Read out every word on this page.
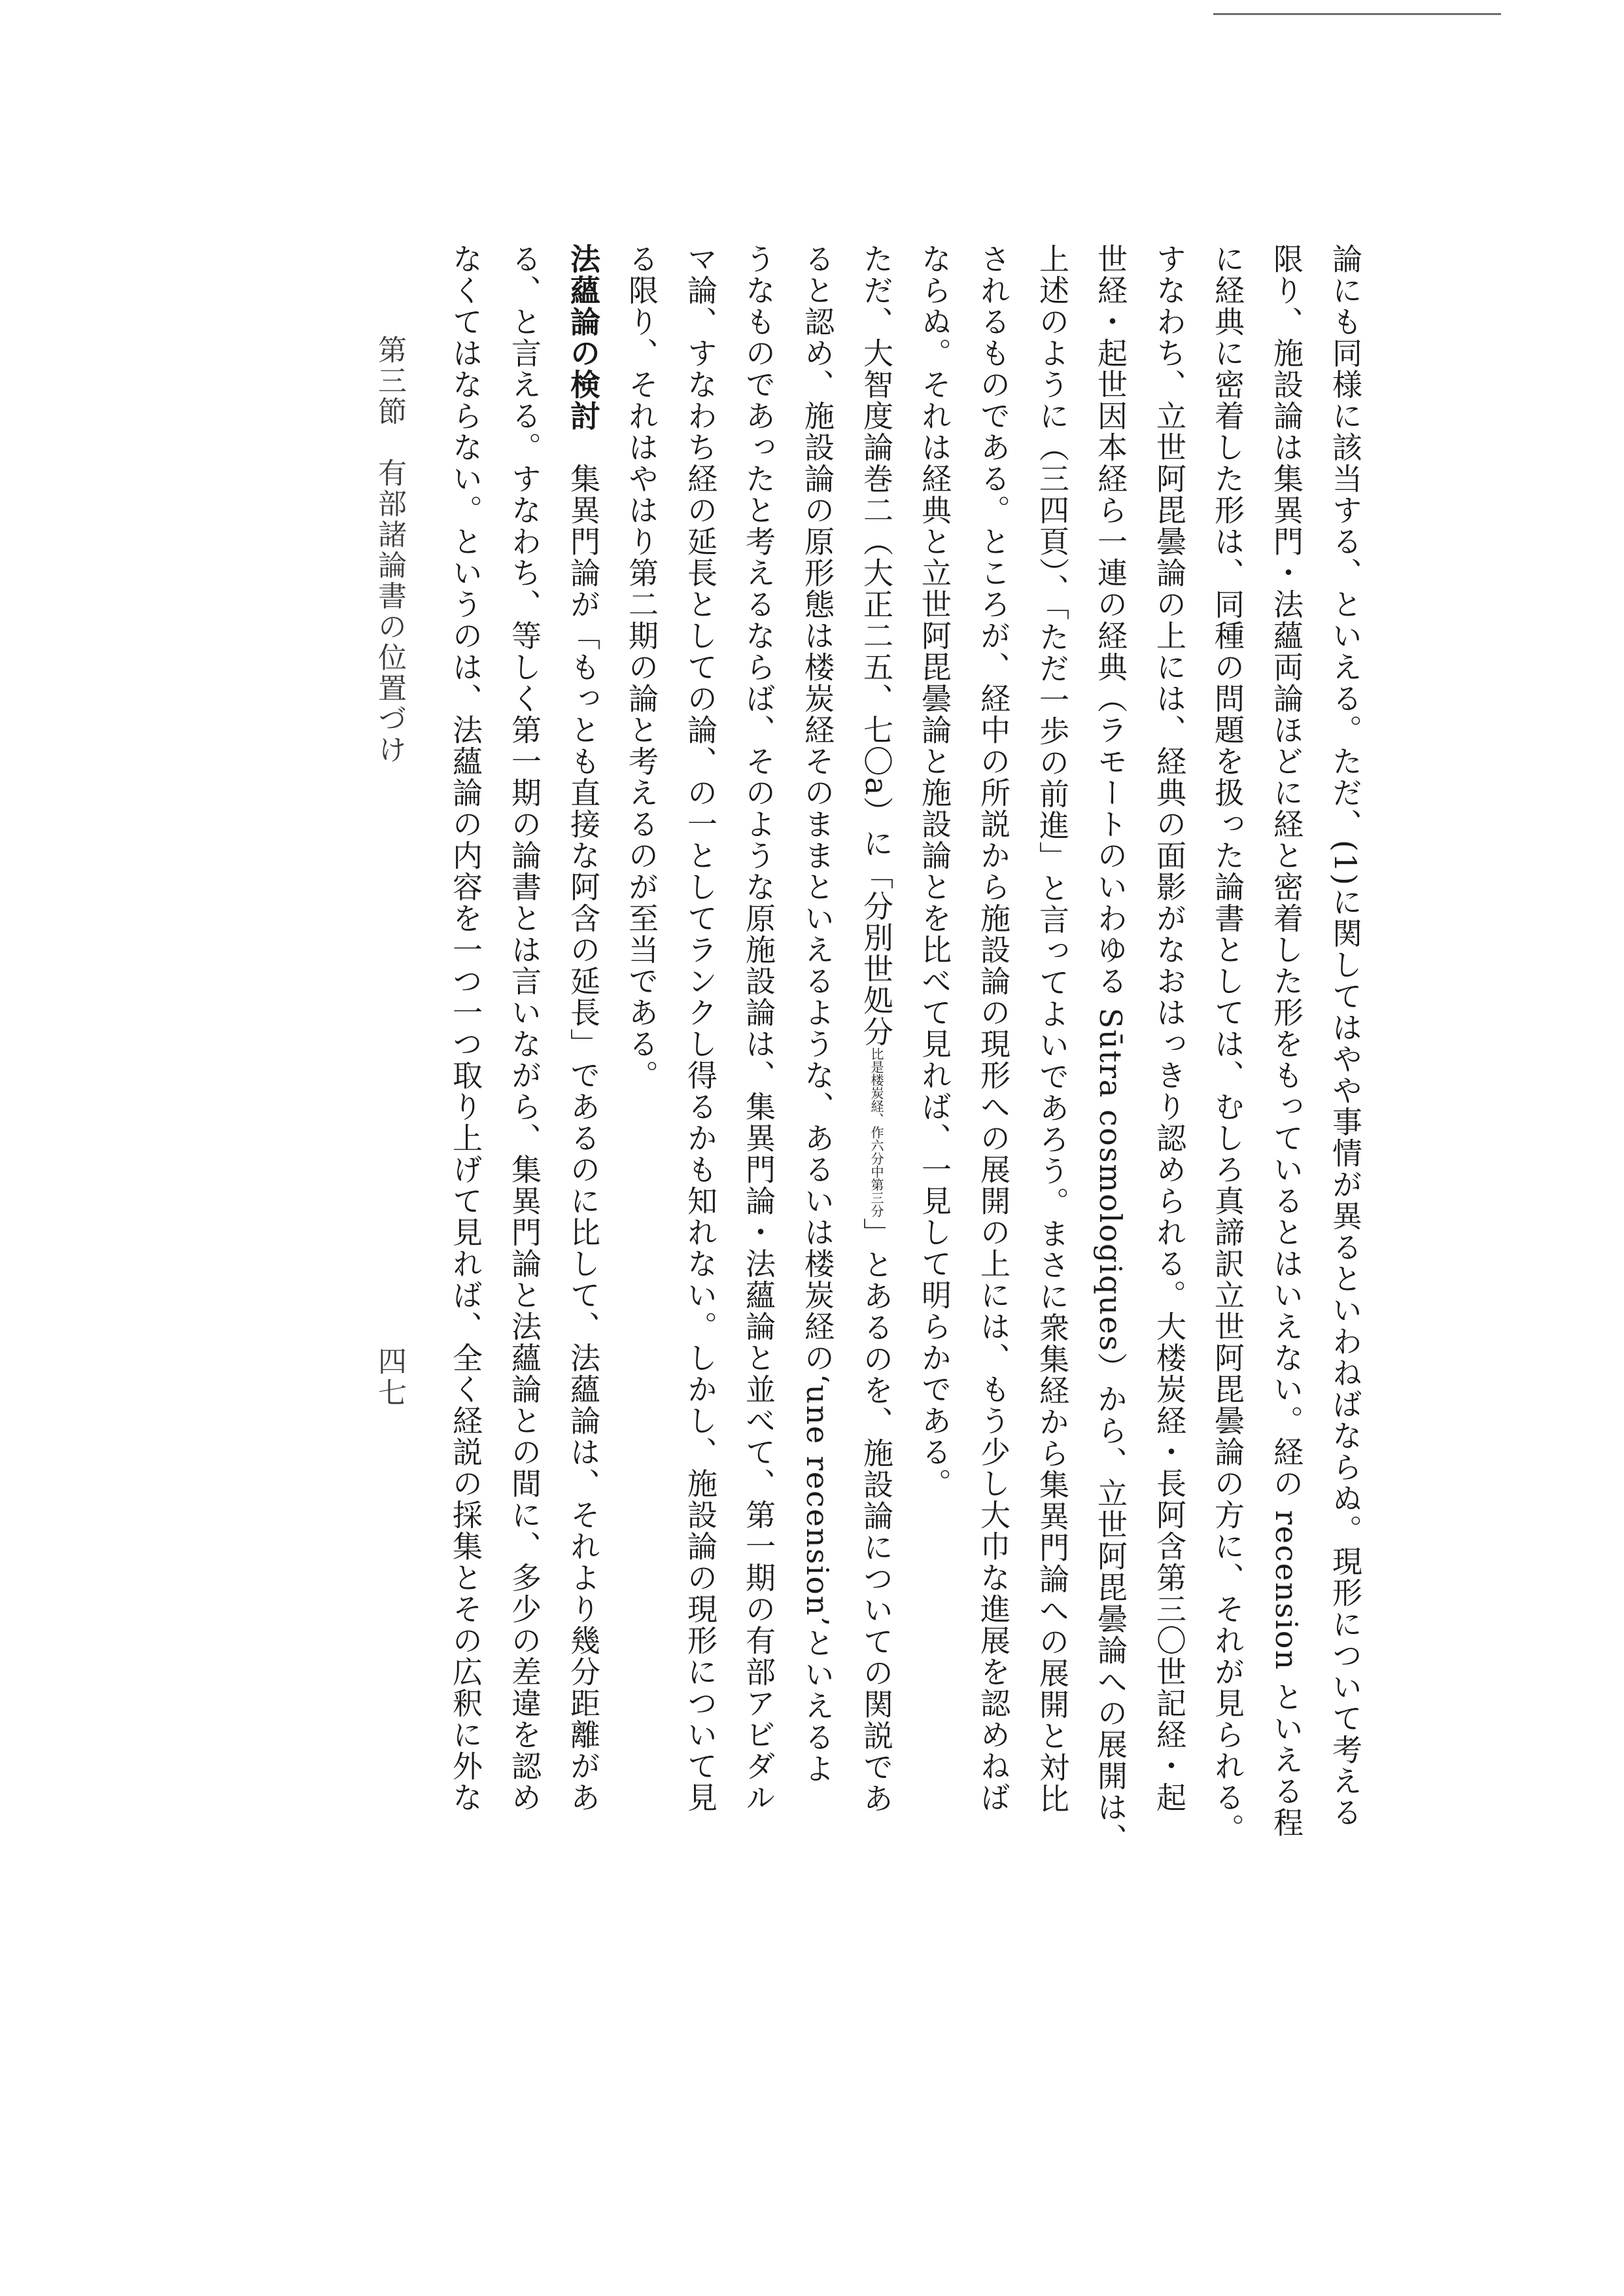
論にも同様に該当する、といえる。ただ、(1)に関してはやや事情が異るといわねばならぬ。現形について考える
限り、施設論は集異門・法蘊両論ほどに経と密着した形をもっているとはいえない。経の recension といえる程
に経典に密着した形は、同種の問題を扱った論書としては、むしろ真諦訳立世阿毘曇論の方に、それが見られる。
すなわち、立世阿毘曇論の上には、経典の面影がなおはっきり認められる。大楼炭経・長阿含第三〇世記経・起
世経・起世因本経ら一連の経典（ラモートのいわゆる Sūtra cosmologiques）から、立世阿毘曇論への展開は、
上述のように（三四頁）、「ただ一歩の前進」と言ってよいであろう。まさに衆集経から集異門論への展開と対比
されるものである。ところが、経中の所説から施設論の現形への展開の上には、もう少し大巾な進展を認めねば
ならぬ。それは経典と立世阿毘曇論と施設論とを比べて見れば、一見して明らかである。
ただ、大智度論巻二（大正二五、七〇a）に「分別世処分比是楼炭経、作六分中第三分」とあるのを、施設論についての関説であ
ると認め、施設論の原形態は楼炭経そのままといえるような、あるいは楼炭経の‘une recension’といえるよ
うなものであったと考えるならば、そのような原施設論は、集異門論・法蘊論と並べて、第一期の有部アビダル
マ論、すなわち経の延長としての論、の一としてランクし得るかも知れない。しかし、施設論の現形について見
る限り、それはやはり第二期の論と考えるのが至当である。
法蘊論の検討　集異門論が「もっとも直接な阿含の延長」であるのに比して、法蘊論は、それより幾分距離があ
る、と言える。すなわち、等しく第一期の論書とは言いながら、集異門論と法蘊論との間に、多少の差違を認め
なくてはならない。というのは、法蘊論の内容を一つ一つ取り上げて見れば、全く経説の採集とその広釈に外な
第三節　有部諸論書の位置づけ
四七
